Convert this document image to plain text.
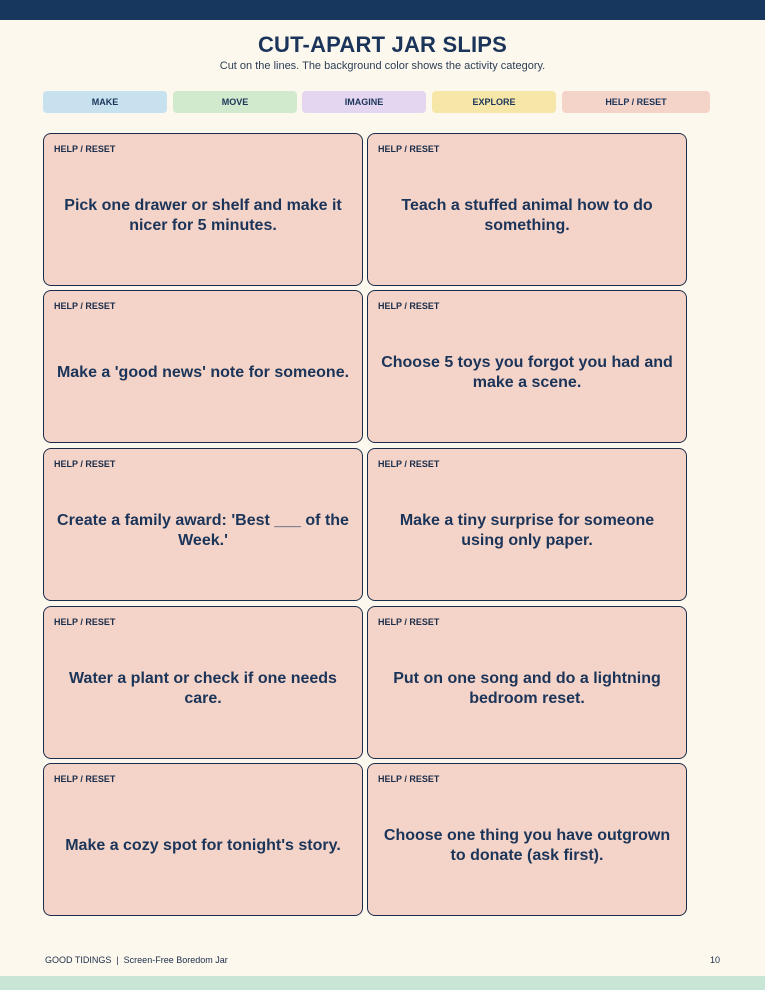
CUT-APART JAR SLIPS
Cut on the lines. The background color shows the activity category.
MAKE	MOVE	IMAGINE	EXPLORE	HELP / RESET
HELP / RESET
Pick one drawer or shelf and make it nicer for 5 minutes.
HELP / RESET
Teach a stuffed animal how to do something.
HELP / RESET
Make a 'good news' note for someone.
HELP / RESET
Choose 5 toys you forgot you had and make a scene.
HELP / RESET
Create a family award: 'Best ___ of the Week.'
HELP / RESET
Make a tiny surprise for someone using only paper.
HELP / RESET
Water a plant or check if one needs care.
HELP / RESET
Put on one song and do a lightning bedroom reset.
HELP / RESET
Make a cozy spot for tonight's story.
HELP / RESET
Choose one thing you have outgrown to donate (ask first).
GOOD TIDINGS  |  Screen-Free Boredom Jar	10
